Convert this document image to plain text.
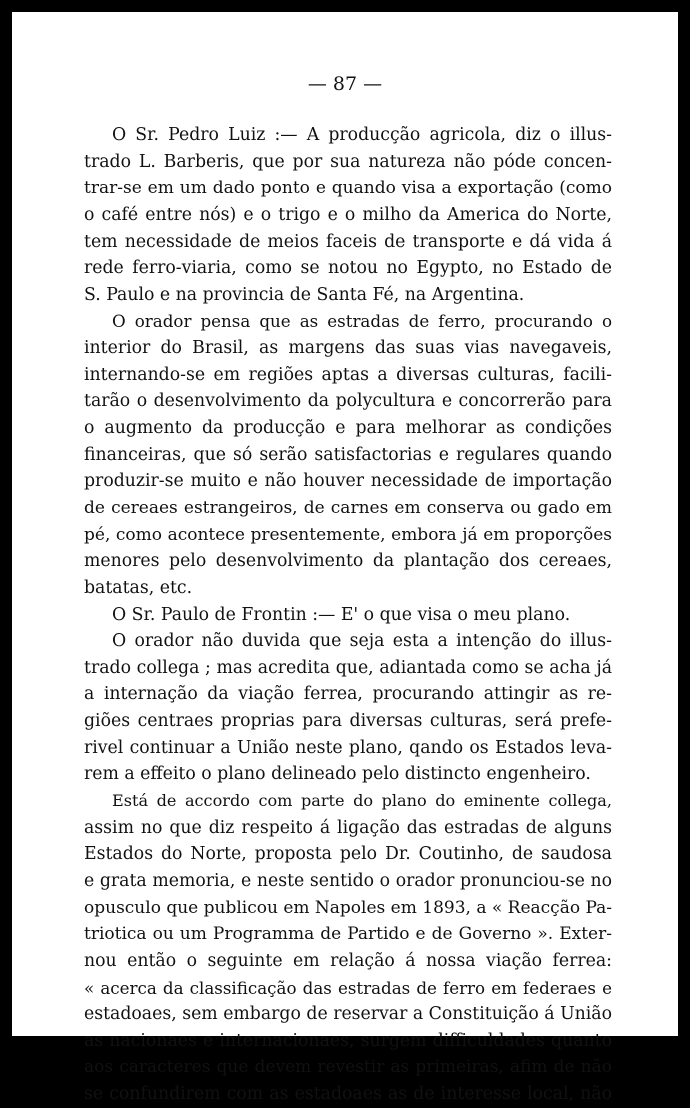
— 87 —
O Sr. Pedro Luiz :— A producção agricola, diz o illus-
trado L. Barberis, que por sua natureza não póde concen-
trar-se em um dado ponto e quando visa a exportação (como
o café entre nós) e o trigo e o milho da America do Norte,
tem necessidade de meios faceis de transporte e dá vida á
rede ferro-viaria, como se notou no Egypto, no Estado de
S. Paulo e na provincia de Santa Fé, na Argentina.
O orador pensa que as estradas de ferro, procurando o
interior do Brasil, as margens das suas vias navegaveis,
internando-se em regiões aptas a diversas culturas, facili-
tarão o desenvolvimento da polycultura e concorrerão para
o augmento da producção e para melhorar as condições
financeiras, que só serão satisfactorias e regulares quando
produzir-se muito e não houver necessidade de importação
de cereaes estrangeiros, de carnes em conserva ou gado em
pé, como acontece presentemente, embora já em proporções
menores pelo desenvolvimento da plantação dos cereaes,
batatas, etc.
O Sr. Paulo de Frontin :— E' o que visa o meu plano.
O orador não duvida que seja esta a intenção do illus-
trado collega ; mas acredita que, adiantada como se acha já
a internação da viação ferrea, procurando attingir as re-
giões centraes proprias para diversas culturas, será prefe-
rivel continuar a União neste plano, qando os Estados leva-
rem a effeito o plano delineado pelo distincto engenheiro.
Está de accordo com parte do plano do eminente collega,
assim no que diz respeito á ligação das estradas de alguns
Estados do Norte, proposta pelo Dr. Coutinho, de saudosa
e grata memoria, e neste sentido o orador pronunciou-se no
opusculo que publicou em Napoles em 1893, a « Reacção Pa-
triotica ou um Programma de Partido e de Governo ». Exter-
nou então o seguinte em relação á nossa viação ferrea:
« acerca da classificação das estradas de ferro em federaes e
estadoaes, sem embargo de reservar a Constituição á União
as nacionaes e internacionaes, surgem difficuldades quanto
aos caracteres que devem revestir as primeiras, afim de não
se confundirem com as estadoaes as de interesse local, não
